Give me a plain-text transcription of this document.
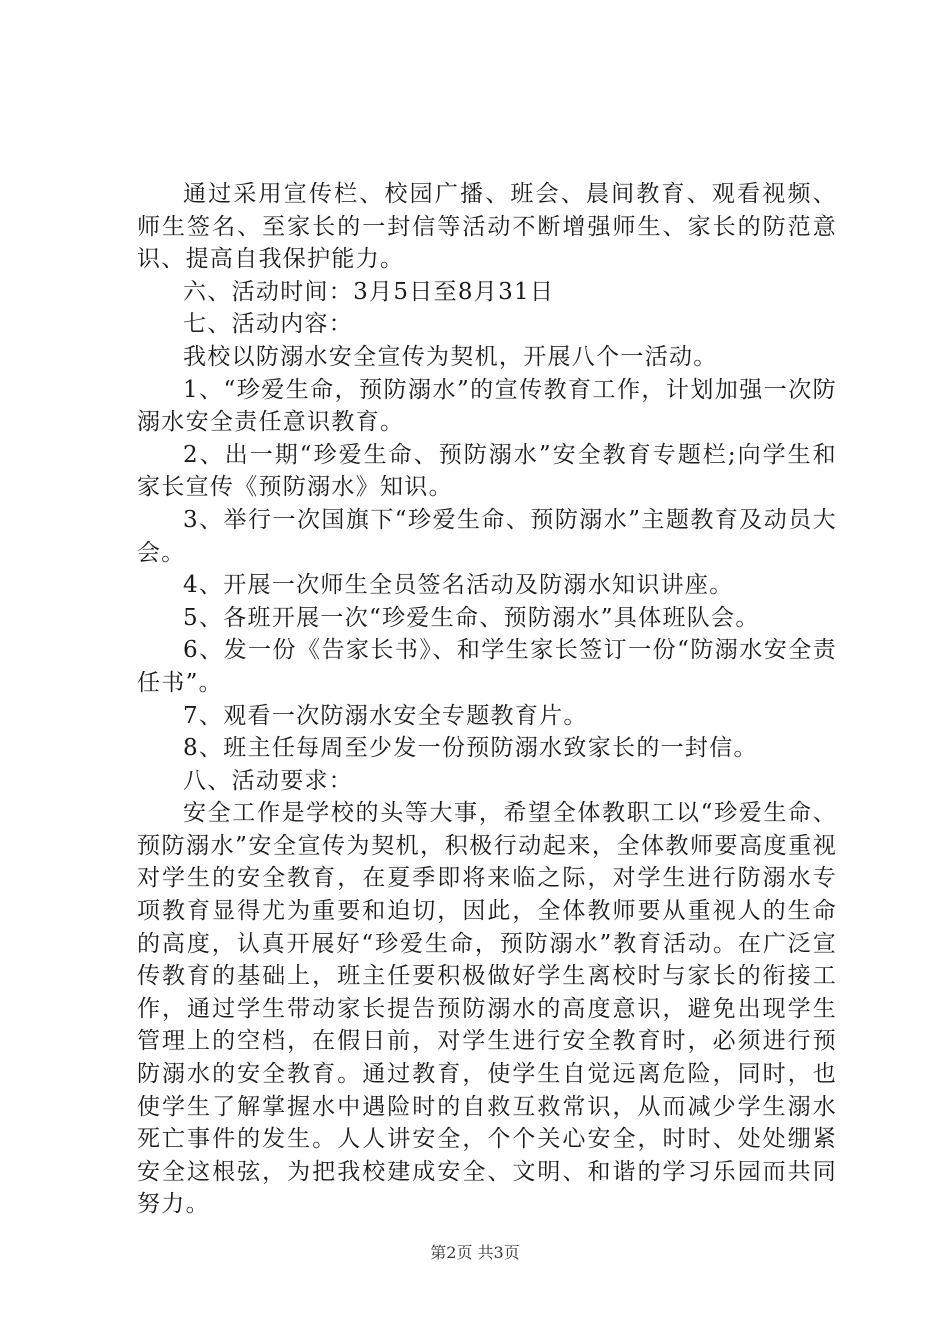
通过采用宣传栏、校园广播、班会、晨间教育、观看视频、师生签名、至家长的一封信等活动不断增强师生、家长的防范意识、提高自我保护能力。

六、活动时间：3月5日至8月31日

七、活动内容：

我校以防溺水安全宣传为契机，开展八个一活动。

1、“珍爱生命，预防溺水”的宣传教育工作，计划加强一次防溺水安全责任意识教育。

2、出一期“珍爱生命、预防溺水”安全教育专题栏;向学生和家长宣传《预防溺水》知识。

3、举行一次国旗下“珍爱生命、预防溺水”主题教育及动员大会。

4、开展一次师生全员签名活动及防溺水知识讲座。

5、各班开展一次“珍爱生命、预防溺水”具体班队会。

6、发一份《告家长书》、和学生家长签订一份“防溺水安全责任书”。

7、观看一次防溺水安全专题教育片。

8、班主任每周至少发一份预防溺水致家长的一封信。

八、活动要求：

安全工作是学校的头等大事，希望全体教职工以“珍爱生命、预防溺水”安全宣传为契机，积极行动起来，全体教师要高度重视对学生的安全教育，在夏季即将来临之际，对学生进行防溺水专项教育显得尤为重要和迫切，因此，全体教师要从重视人的生命的高度，认真开展好“珍爱生命，预防溺水”教育活动。在广泛宣传教育的基础上，班主任要积极做好学生离校时与家长的衔接工作，通过学生带动家长提告预防溺水的高度意识，避免出现学生管理上的空档，在假日前，对学生进行安全教育时，必须进行预防溺水的安全教育。通过教育，使学生自觉远离危险，同时，也使学生了解掌握水中遇险时的自救互救常识，从而减少学生溺水死亡事件的发生。人人讲安全，个个关心安全，时时、处处绷紧安全这根弦，为把我校建成安全、文明、和谐的学习乐园而共同努力。

第2页 共3页
